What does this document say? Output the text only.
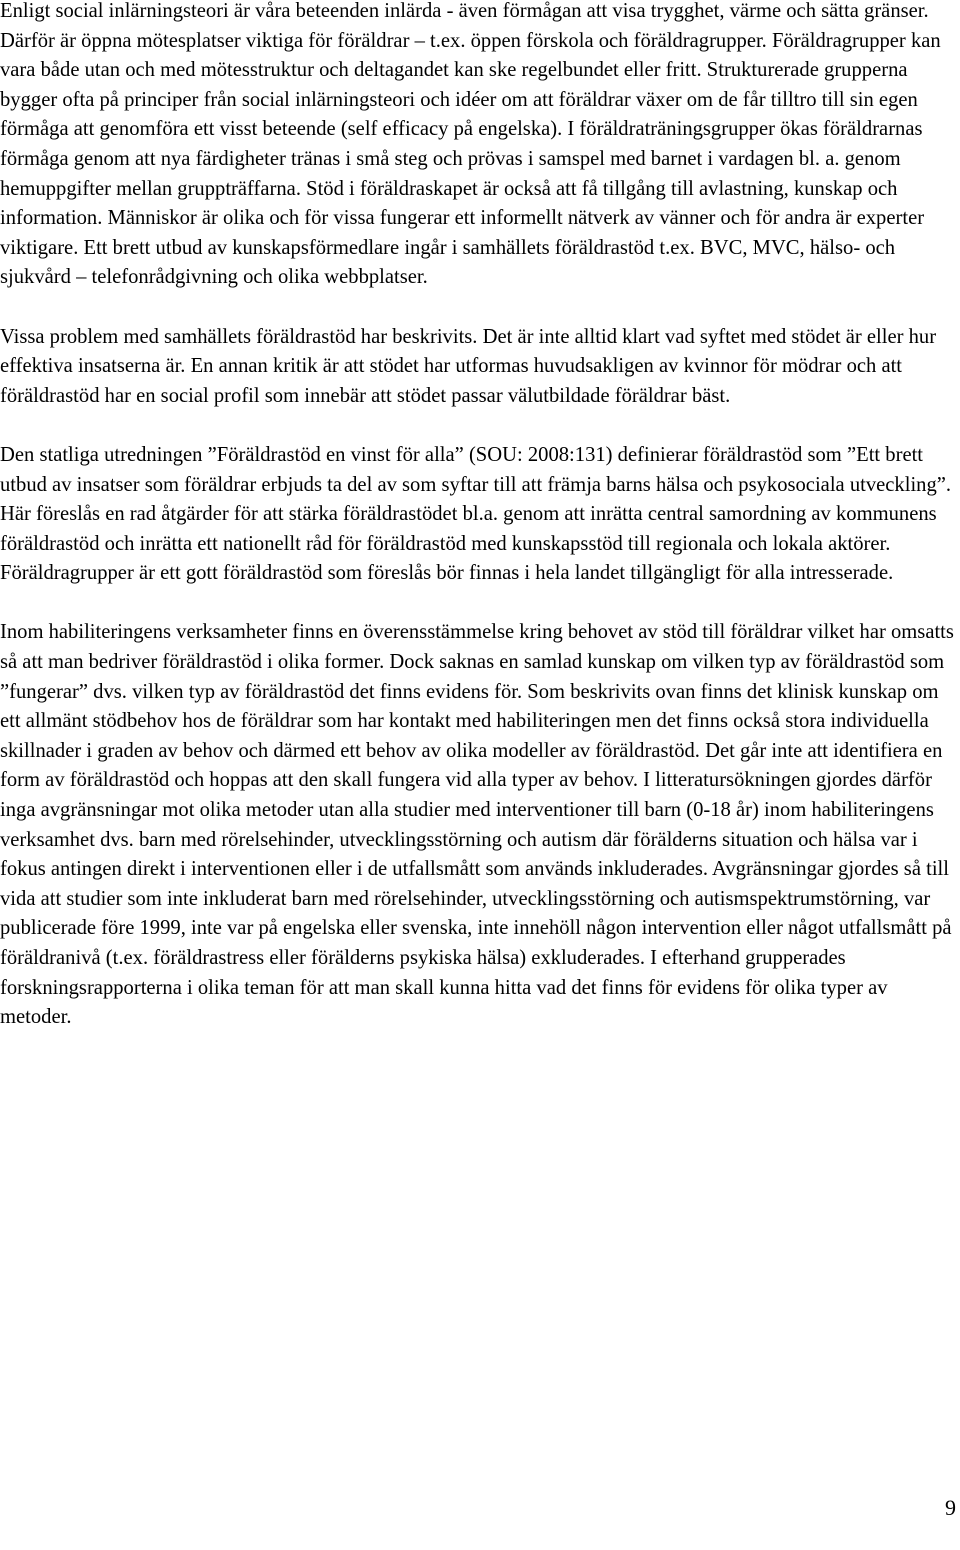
Enligt social inlärningsteori är våra beteenden inlärda - även förmågan att visa trygghet, värme och sätta gränser. Därför är öppna mötesplatser viktiga för föräldrar – t.ex. öppen förskola och föräldragrupper. Föräldragrupper kan vara både utan och med mötesstruktur och deltagandet kan ske regelbundet eller fritt. Strukturerade grupperna bygger ofta på principer från social inlärningsteori och idéer om att föräldrar växer om de får tilltro till sin egen förmåga att genomföra ett visst beteende (self efficacy på engelska). I föräldraträningsgrupper ökas föräldrarnas förmåga genom att nya färdigheter tränas i små steg och prövas i samspel med barnet i vardagen bl. a. genom hemuppgifter mellan gruppträffarna. Stöd i föräldraskapet är också att få tillgång till avlastning, kunskap och information. Människor är olika och för vissa fungerar ett informellt nätverk av vänner och för andra är experter viktigare. Ett brett utbud av kunskapsförmedlare ingår i samhällets föräldrastöd t.ex. BVC, MVC, hälso- och sjukvård – telefonrådgivning och olika webbplatser.

Vissa problem med samhällets föräldrastöd har beskrivits. Det är inte alltid klart vad syftet med stödet är eller hur effektiva insatserna är. En annan kritik är att stödet har utformas huvudsakligen av kvinnor för mödrar och att föräldrastöd har en social profil som innebär att stödet passar välutbildade föräldrar bäst.

Den statliga utredningen ”Föräldrastöd en vinst för alla” (SOU: 2008:131) definierar föräldrastöd som ”Ett brett utbud av insatser som föräldrar erbjuds ta del av som syftar till att främja barns hälsa och psykosociala utveckling”. Här föreslås en rad åtgärder för att stärka föräldrastödet bl.a. genom att inrätta central samordning av kommunens föräldrastöd och inrätta ett nationellt råd för föräldrastöd med kunskapsstöd till regionala och lokala aktörer. Föräldragrupper är ett gott föräldrastöd som föreslås bör finnas i hela landet tillgängligt för alla intresserade.

Inom habiliteringens verksamheter finns en överensstämmelse kring behovet av stöd till föräldrar vilket har omsatts så att man bedriver föräldrastöd i olika former. Dock saknas en samlad kunskap om vilken typ av föräldrastöd som ”fungerar” dvs. vilken typ av föräldrastöd det finns evidens för. Som beskrivits ovan finns det klinisk kunskap om ett allmänt stödbehov hos de föräldrar som har kontakt med habiliteringen men det finns också stora individuella skillnader i graden av behov och därmed ett behov av olika modeller av föräldrastöd. Det går inte att identifiera en form av föräldrastöd och hoppas att den skall fungera vid alla typer av behov. I litteratursökningen gjordes därför inga avgränsningar mot olika metoder utan alla studier med interventioner till barn (0-18 år) inom habiliteringens verksamhet dvs. barn med rörelsehinder, utvecklingsstörning och autism där förälderns situation och hälsa var i fokus antingen direkt i interventionen eller i de utfallsmått som används inkluderades. Avgränsningar gjordes så till vida att studier som inte inkluderat barn med rörelsehinder, utvecklingsstörning och autismspektrumstörning, var publicerade före 1999, inte var på engelska eller svenska, inte innehöll någon intervention eller något utfallsmått på föräldranivå (t.ex. föräldrastress eller förälderns psykiska hälsa) exkluderades. I efterhand grupperades forskningsrapporterna i olika teman för att man skall kunna hitta vad det finns för evidens för olika typer av metoder.

9
